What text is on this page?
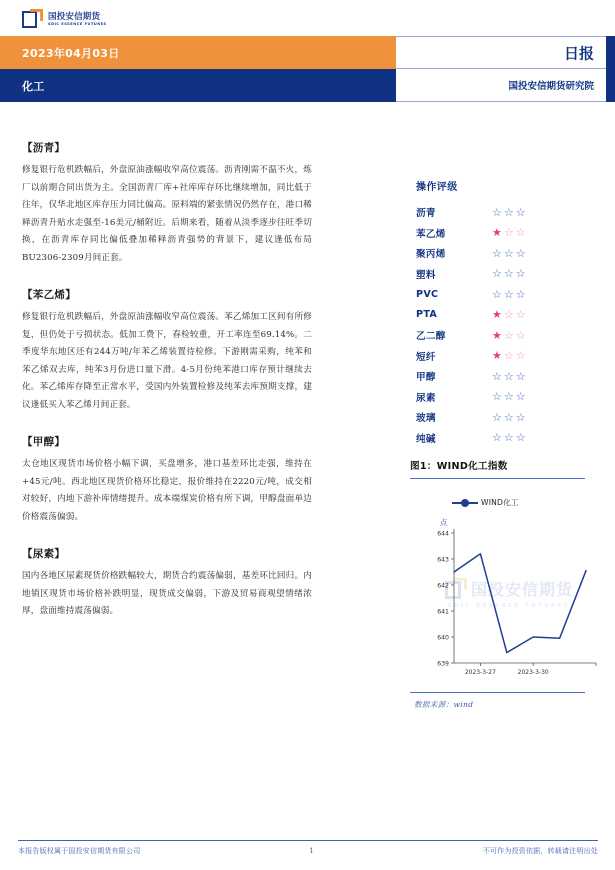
国投安信期货
SDIC ESSENCE FUTURES
2023年04月03日
化工
日报
国投安信期货研究院
【沥青】

修复银行危机跌幅后，外盘原油涨幅收窄高位震荡。沥青刚需不温不火，炼厂以前期合同出货为主。全国沥青厂库+社库库存环比继续增加，同比低于往年，仅华北地区库存压力同比偏高。原料端的紧张情况仍然存在，港口稀释沥青升贴水走强至-16美元/桶附近。后期来看，随着从淡季逐步往旺季切换，在沥青库存同比偏低叠加稀释沥青强势的背景下，建议逢低布局BU2306-2309月间正套。

【苯乙烯】

修复银行危机跌幅后，外盘原油涨幅收窄高位震荡。苯乙烯加工区间有所修复，但仍处于亏损状态。低加工费下，春检较重，开工率连至69.14%。二季度华东地区还有244万吨/年苯乙烯装置待检修。下游刚需采购，纯苯和苯乙烯双去库，纯苯3月份进口量下滑。4-5月份纯苯港口库存预计继续去化。苯乙烯库存降至正常水平，受国内外装置检修及纯苯去库预期支撑，建议逢低买入苯乙烯月间正套。

【甲醇】

太仓地区现货市场价格小幅下调，买盘增多，港口基差环比走强，维持在+45元/吨。西北地区现货价格环比稳定，报价维持在2220元/吨，成交相对较好，内地下游补库情绪提升。成本端煤炭价格有所下调，甲醇盘面单边价格震荡偏弱。

【尿素】

国内各地区尿素现货价格跌幅较大，期货合约震荡偏弱，基差环比回归。内地销区现货市场价格补跌明显，现货成交偏弱，下游及贸易商观望情绪浓厚，盘面维持震荡偏弱。

操作评级
沥青	☆ ☆ ☆
苯乙烯	★ ☆ ☆
聚丙烯	☆ ☆ ☆
塑料	☆ ☆ ☆
PVC	☆ ☆ ☆
PTA	★ ☆ ☆
乙二醇	★ ☆ ☆
短纤	★ ☆ ☆
甲醇	☆ ☆ ☆
尿素	☆ ☆ ☆
玻璃	☆ ☆ ☆
纯碱	☆ ☆ ☆
图1：WIND化工指数
国投安信期货
SDIC ESSENCE FUTURES
WIND化工
点
639
640
641
642
643
644
2023-3-27	2023-3-30
数据来源：wind
本报告版权属于国投安信期货有限公司	1	不可作为投资依据，转载请注明出处
